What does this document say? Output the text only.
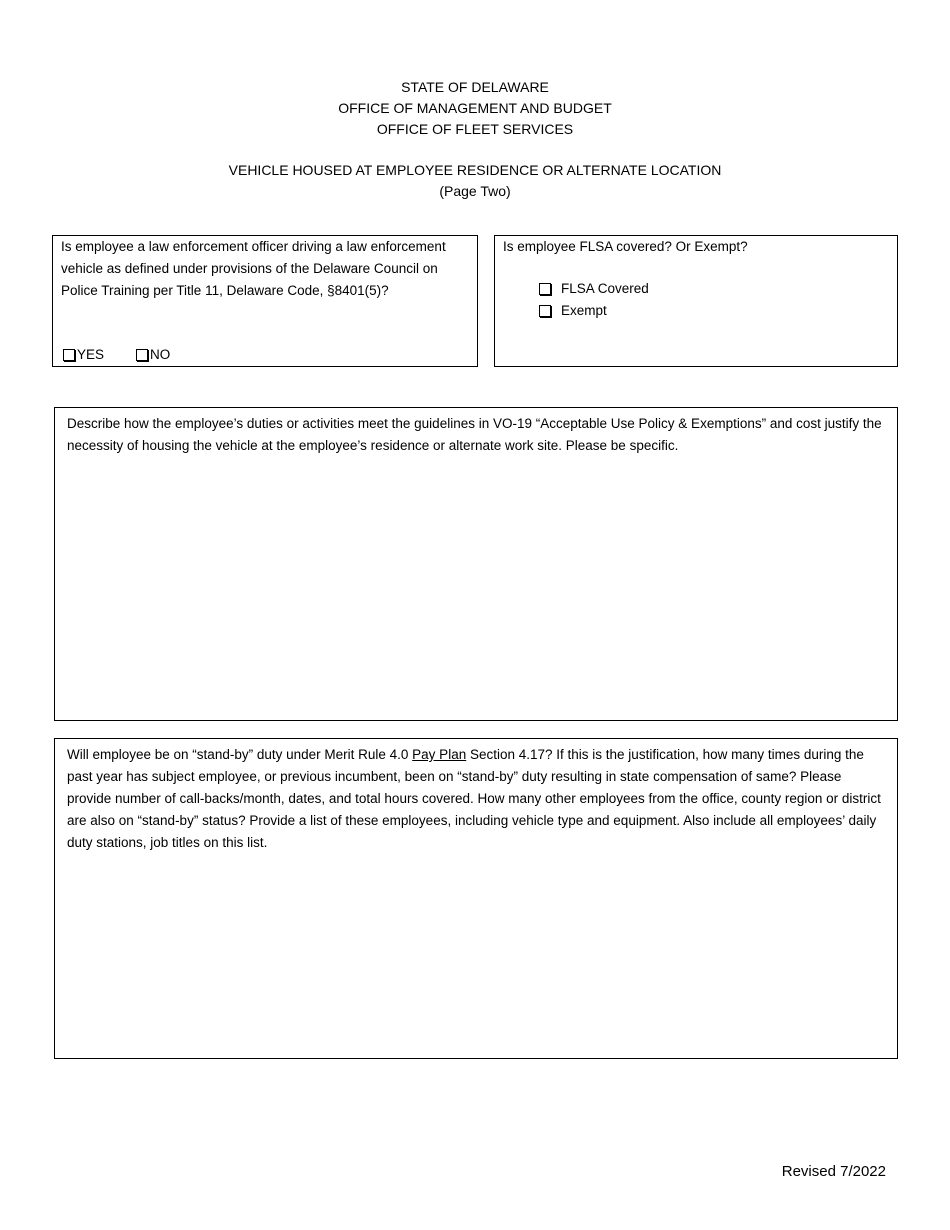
STATE OF DELAWARE
OFFICE OF MANAGEMENT AND BUDGET
OFFICE OF FLEET SERVICES
VEHICLE HOUSED AT EMPLOYEE RESIDENCE OR ALTERNATE LOCATION
(Page Two)

Is employee a law enforcement officer driving a law enforcement vehicle as defined under provisions of the Delaware Council on Police Training per Title 11, Delaware Code, §8401(5)?

YES	NO

Is employee FLSA covered? Or Exempt?

FLSA Covered
Exempt

Describe how the employee’s duties or activities meet the guidelines in VO-19 “Acceptable Use Policy & Exemptions” and cost justify the necessity of housing the vehicle at the employee’s residence or alternate work site. Please be specific.

Will employee be on “stand-by” duty under Merit Rule 4.0 Pay Plan Section 4.17? If this is the justification, how many times during the past year has subject employee, or previous incumbent, been on “stand-by” duty resulting in state compensation of same? Please provide number of call-backs/month, dates, and total hours covered. How many other employees from the office, county region or district are also on “stand-by” status? Provide a list of these employees, including vehicle type and equipment. Also include all employees’ daily duty stations, job titles on this list.

Revised 7/2022
